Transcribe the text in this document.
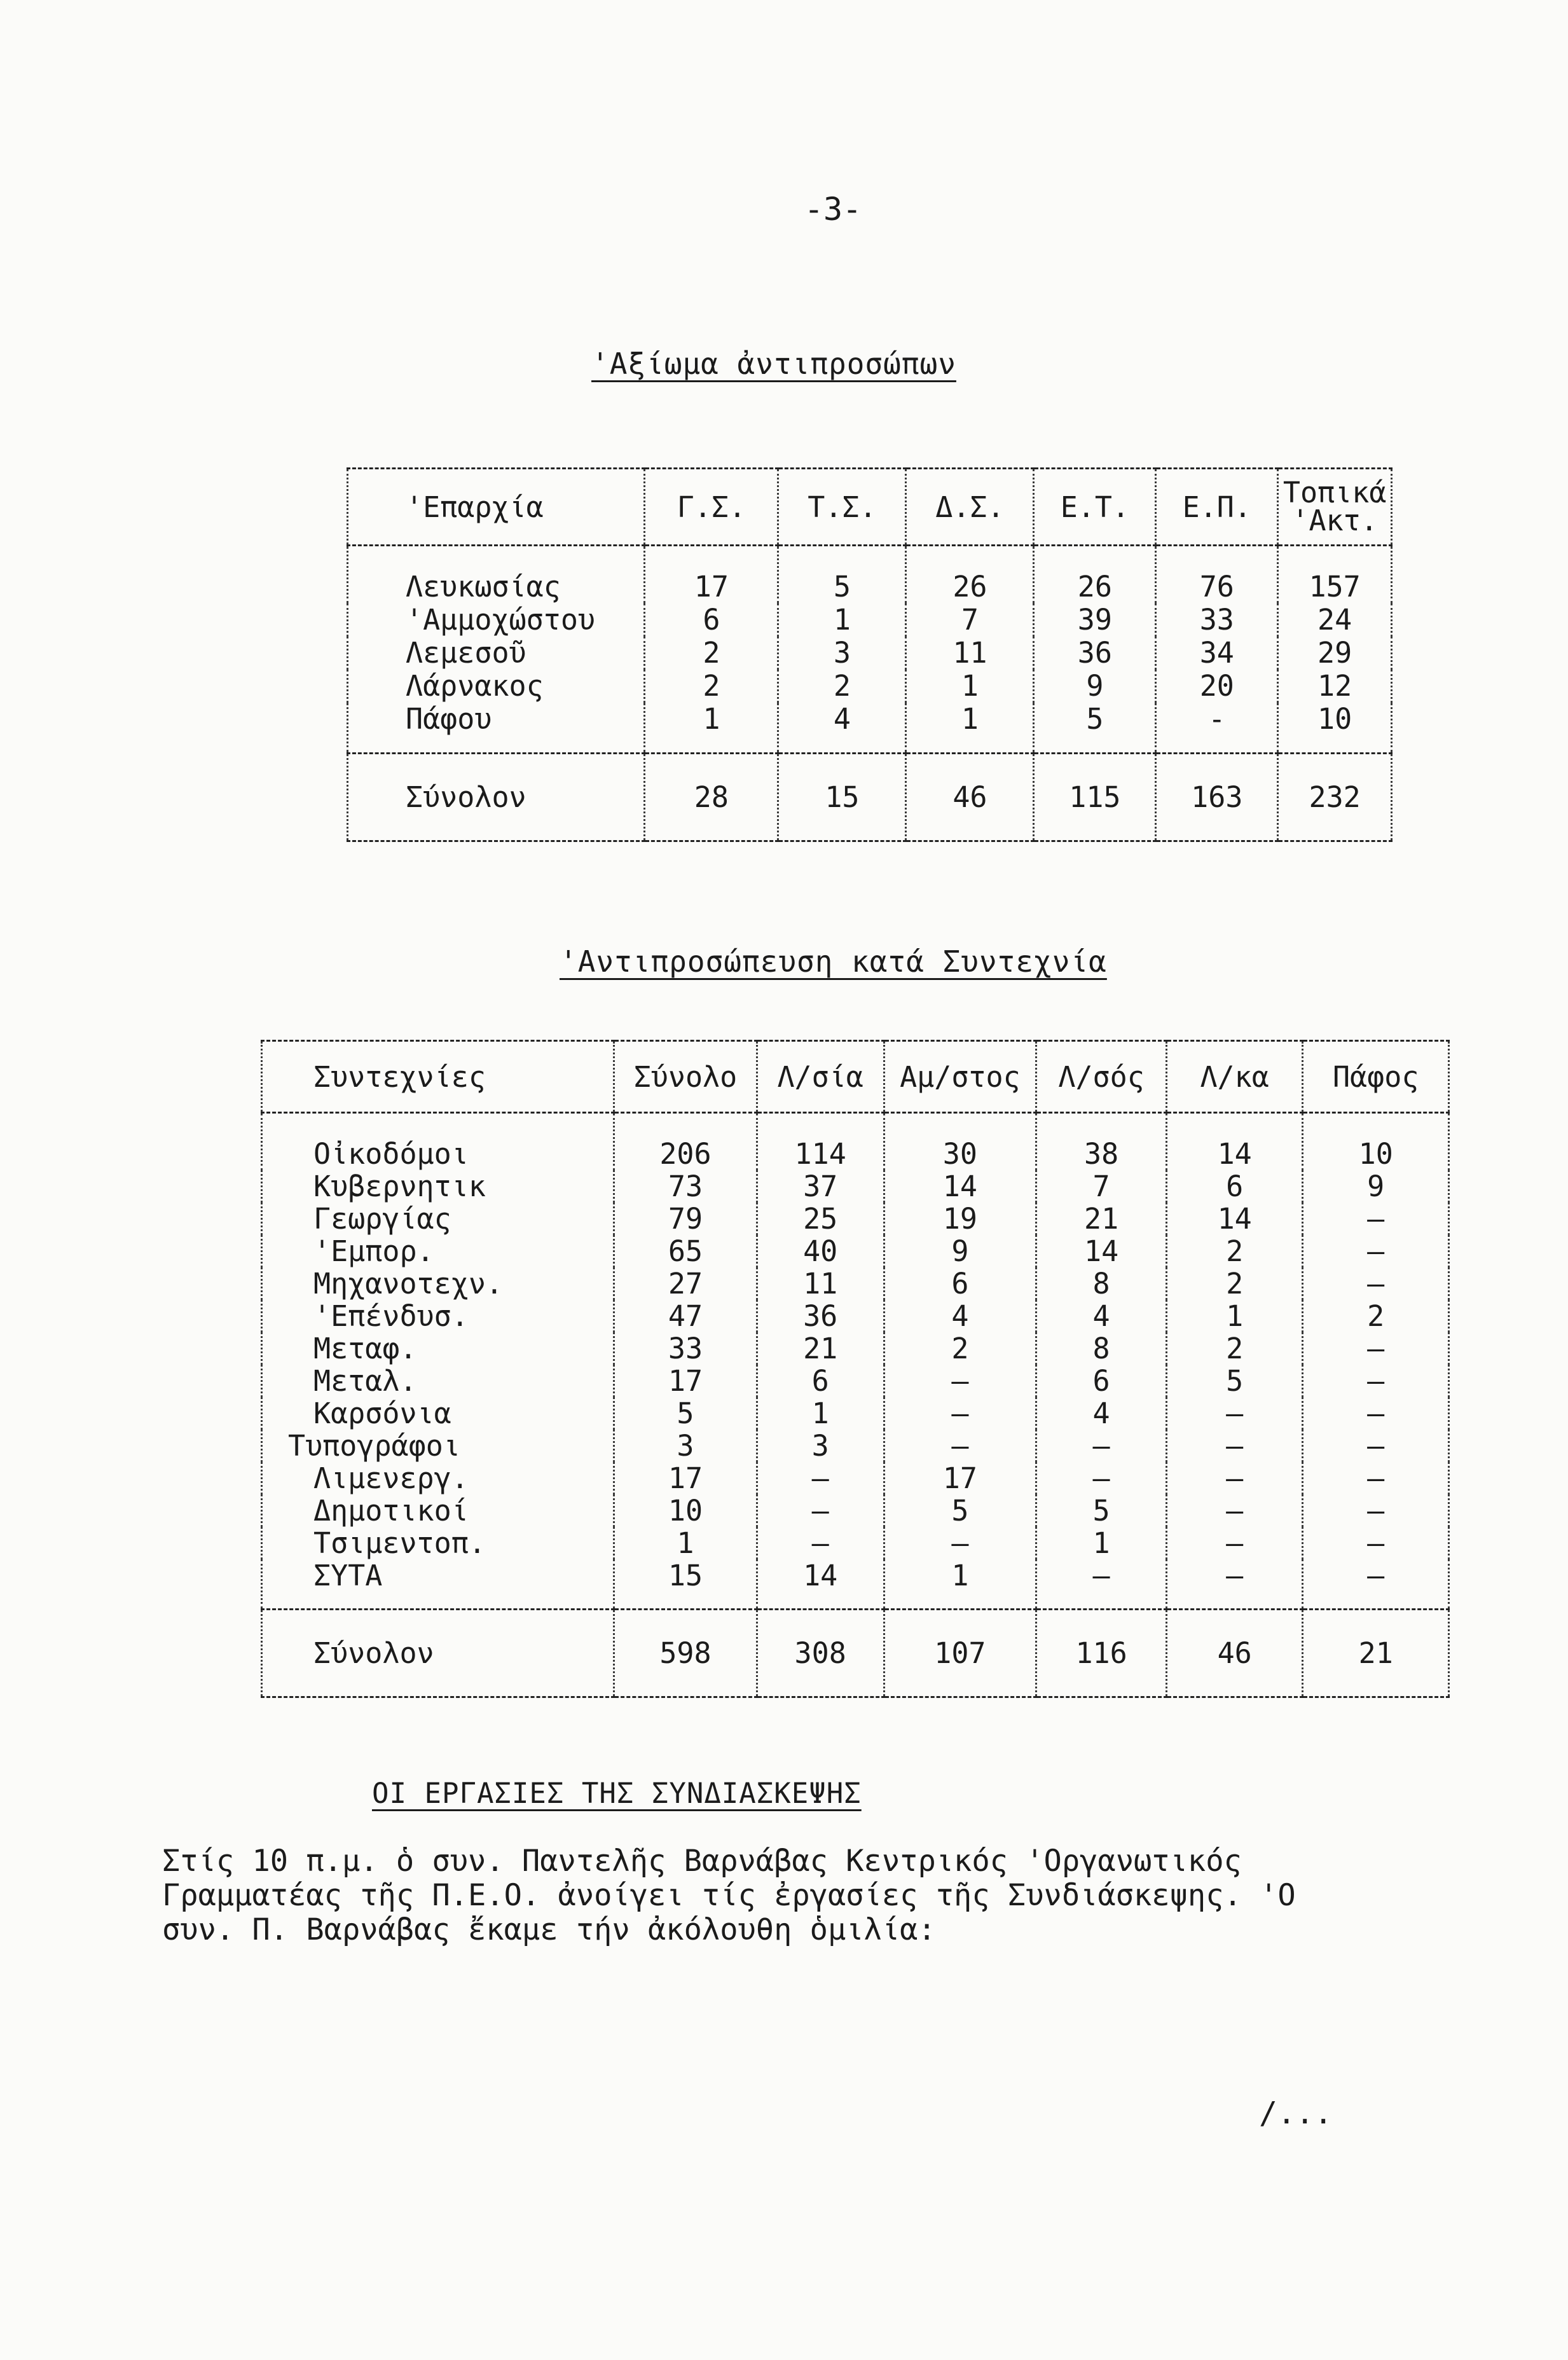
-3-
'Αξίωμα ἀντιπροσώπων
'Επαρχία	Γ.Σ.	Τ.Σ.	Δ.Σ.	Ε.Τ.	Ε.Π.	Τοπικά 'Ακτ.
Λευκωσίας	17	5	26	26	76	157
'Αμμοχώστου	6	1	7	39	33	24
Λεμεσοῦ	2	3	11	36	34	29
Λάρνακος	2	2	1	9	20	12
Πάφου	1	4	1	5	-	10
Σύνολον	28	15	46	115	163	232
'Αντιπροσώπευση κατά Συντεχνία
Συντεχνίες	Σύνολο	Λ/σία	Αμ/στος	Λ/σός	Λ/κα	Πάφος
Οἰκοδόμοι	206	114	30	38	14	10
Κυβερνητικ	73	37	14	7	6	9
Γεωργίας	79	25	19	21	14	—
'Εμπορ.	65	40	9	14	2	—
Μηχανοτεχν.	27	11	6	8	2	—
'Επένδυσ.	47	36	4	4	1	2
Μεταφ.	33	21	2	8	2	—
Μεταλ.	17	6	—	6	5	—
Καρσόνια	5	1	—	4	—	—
Τυπογράφοι	3	3	—	—	—	—
Λιμενεργ.	17	—	17	—	—	—
Δημοτικοί	10	—	5	5	—	—
Τσιμεντοπ.	1	—	—	1	—	—
ΣΥΤΑ	15	14	1	—	—	—
Σύνολον	598	308	107	116	46	21
ΟΙ ΕΡΓΑΣΙΕΣ ΤΗΣ ΣΥΝΔΙΑΣΚΕΨΗΣ
Στίς 10 π.μ. ὁ συν. Παντελῆς Βαρνάβας Κεντρικός 'Οργανωτικός
Γραμματέας τῆς Π.Ε.Ο. ἀνοίγει τίς ἐργασίες τῆς Συνδιάσκεψης. 'Ο
συν. Π. Βαρνάβας ἔκαμε τήν ἀκόλουθη ὁμιλία:
/...
